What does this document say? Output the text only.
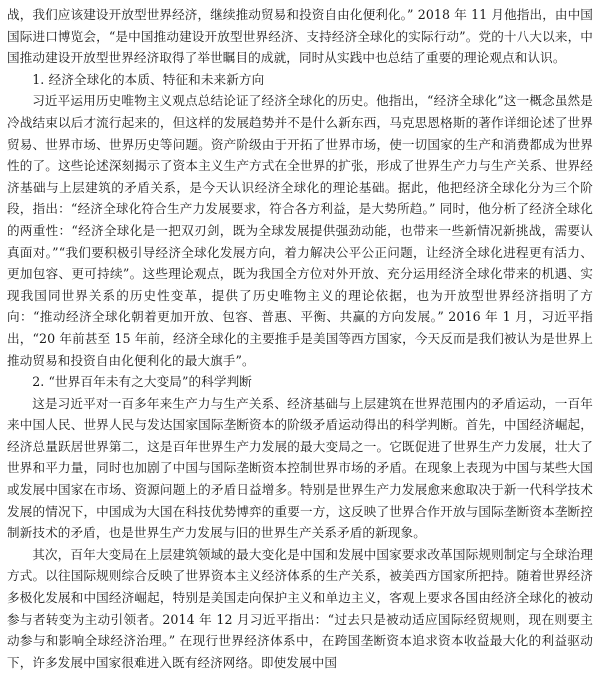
战，我们应该建设开放型世界经济，继续推动贸易和投资自由化便利化。” 2018 年 11 月他指出，由中国国际进口博览会，“是中国推动建设开放型世界经济、支持经济全球化的实际行动”。党的十八大以来，中国推动建设开放型世界经济取得了举世瞩目的成就，同时从实践中也总结了重要的理论观点和认识。

1. 经济全球化的本质、特征和未来新方向

习近平运用历史唯物主义观点总结论证了经济全球化的历史。他指出，“经济全球化”这一概念虽然是冷战结束以后才流行起来的，但这样的发展趋势并不是什么新东西，马克思恩格斯的著作详细论述了世界贸易、世界市场、世界历史等问题。资产阶级由于开拓了世界市场，使一切国家的生产和消费都成为世界性的了。这些论述深刻揭示了资本主义生产方式在全世界的扩张，形成了世界生产力与生产关系、世界经济基础与上层建筑的矛盾关系，是今天认识经济全球化的理论基础。据此，他把经济全球化分为三个阶段，指出：“经济全球化符合生产力发展要求，符合各方利益，是大势所趋。” 同时，他分析了经济全球化的两重性：“经济全球化是一把双刃剑，既为全球发展提供强劲动能，也带来一些新情况新挑战，需要认真面对。”“我们要积极引导经济全球化发展方向，着力解决公平公正问题，让经济全球化进程更有活力、更加包容、更可持续”。这些理论观点，既为我国全方位对外开放、充分运用经济全球化带来的机遇、实现我国同世界关系的历史性变革，提供了历史唯物主义的理论依据，也为开放型世界经济指明了方向：“推动经济全球化朝着更加开放、包容、普惠、平衡、共赢的方向发展。” 2016 年 1 月，习近平指出，“20 年前甚至 15 年前，经济全球化的主要推手是美国等西方国家，今天反而是我们被认为是世界上推动贸易和投资自由化便利化的最大旗手”。

2. “世界百年未有之大变局”的科学判断

这是习近平对一百多年来生产力与生产关系、经济基础与上层建筑在世界范围内的矛盾运动，一百年来中国人民、世界人民与发达国家国际垄断资本的阶级矛盾运动得出的科学判断。首先，中国经济崛起，经济总量跃居世界第二，这是百年世界生产力发展的最大变局之一。它既促进了世界生产力发展，壮大了世界和平力量，同时也加剧了中国与国际垄断资本控制世界市场的矛盾。在现象上表现为中国与某些大国或发展中国家在市场、资源问题上的矛盾日益增多。特别是世界生产力发展愈来愈取决于新一代科学技术发展的情况下，中国成为大国在科技优势博弈的重要一方，这反映了世界合作开放与国际垄断资本垄断控制新技术的矛盾，也是世界生产力发展与旧的世界生产关系矛盾的新现象。

其次，百年大变局在上层建筑领域的最大变化是中国和发展中国家要求改革国际规则制定与全球治理方式。以往国际规则综合反映了世界资本主义经济体系的生产关系，被美西方国家所把持。随着世界经济多极化发展和中国经济崛起，特别是美国走向保护主义和单边主义，客观上要求各国由经济全球化的被动参与者转变为主动引领者。2014 年 12 月习近平指出：“过去只是被动适应国际经贸规则，现在则要主动参与和影响全球经济治理。” 在现行世界经济体系中，在跨国垄断资本追求资本收益最大化的利益驱动下，许多发展中国家很难进入既有经济网络。即使发展中国
